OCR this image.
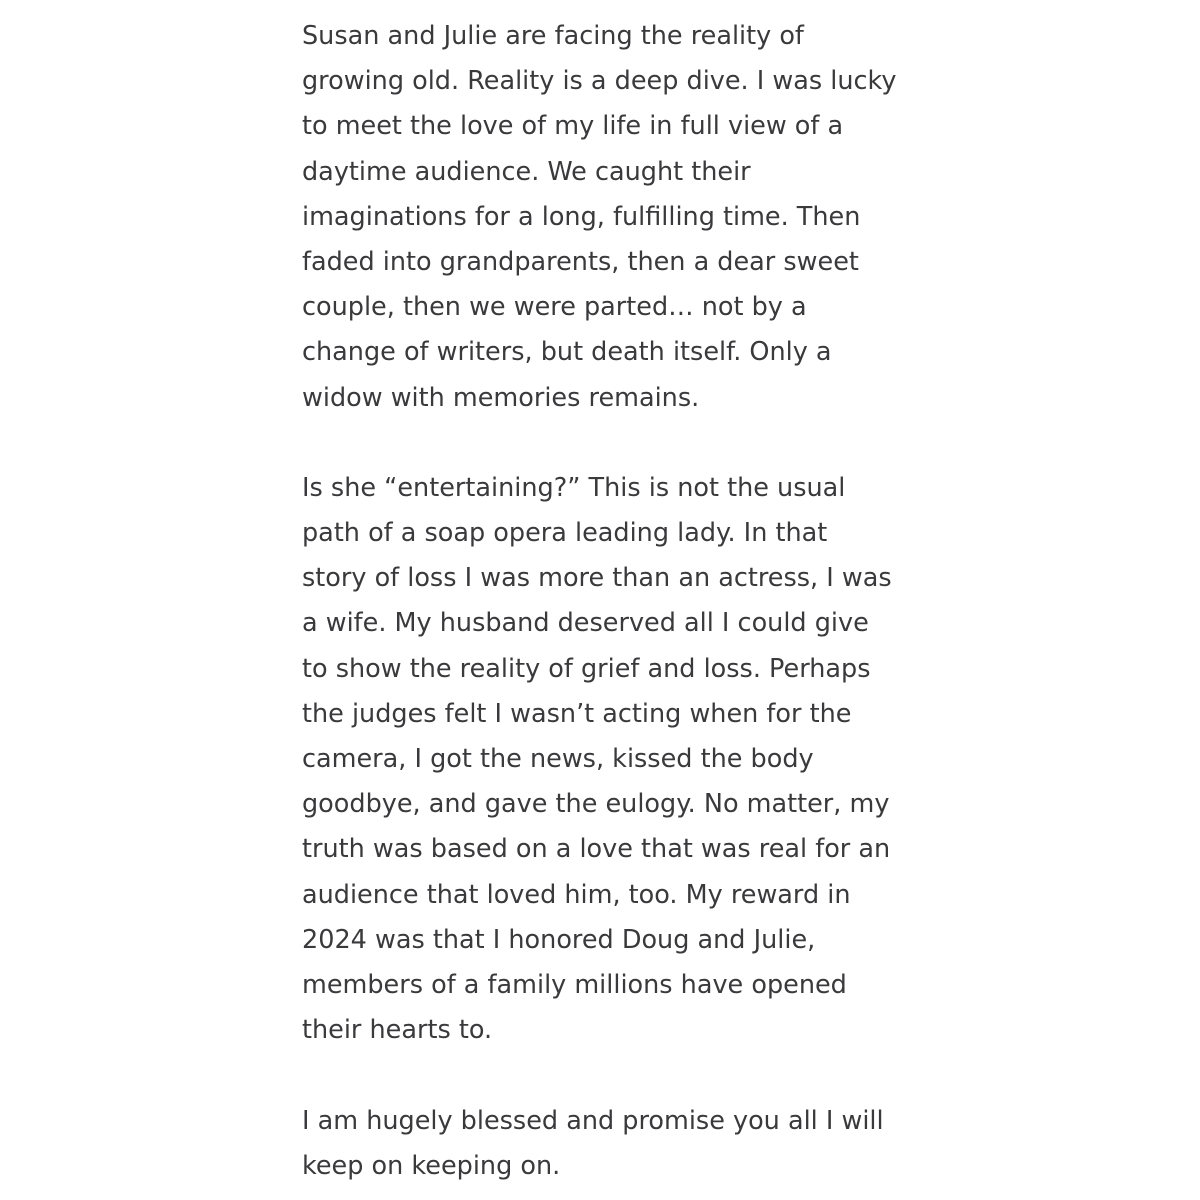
Susan and Julie are facing the reality of
growing old. Reality is a deep dive. I was lucky
to meet the love of my life in full view of a
daytime audience. We caught their
imaginations for a long, fulfilling time. Then
faded into grandparents, then a dear sweet
couple, then we were parted… not by a
change of writers, but death itself. Only a
widow with memories remains.
Is she “entertaining?” This is not the usual
path of a soap opera leading lady. In that
story of loss I was more than an actress, I was
a wife. My husband deserved all I could give
to show the reality of grief and loss. Perhaps
the judges felt I wasn’t acting when for the
camera, I got the news, kissed the body
goodbye, and gave the eulogy. No matter, my
truth was based on a love that was real for an
audience that loved him, too. My reward in
2024 was that I honored Doug and Julie,
members of a family millions have opened
their hearts to.
I am hugely blessed and promise you all I will
keep on keeping on.
